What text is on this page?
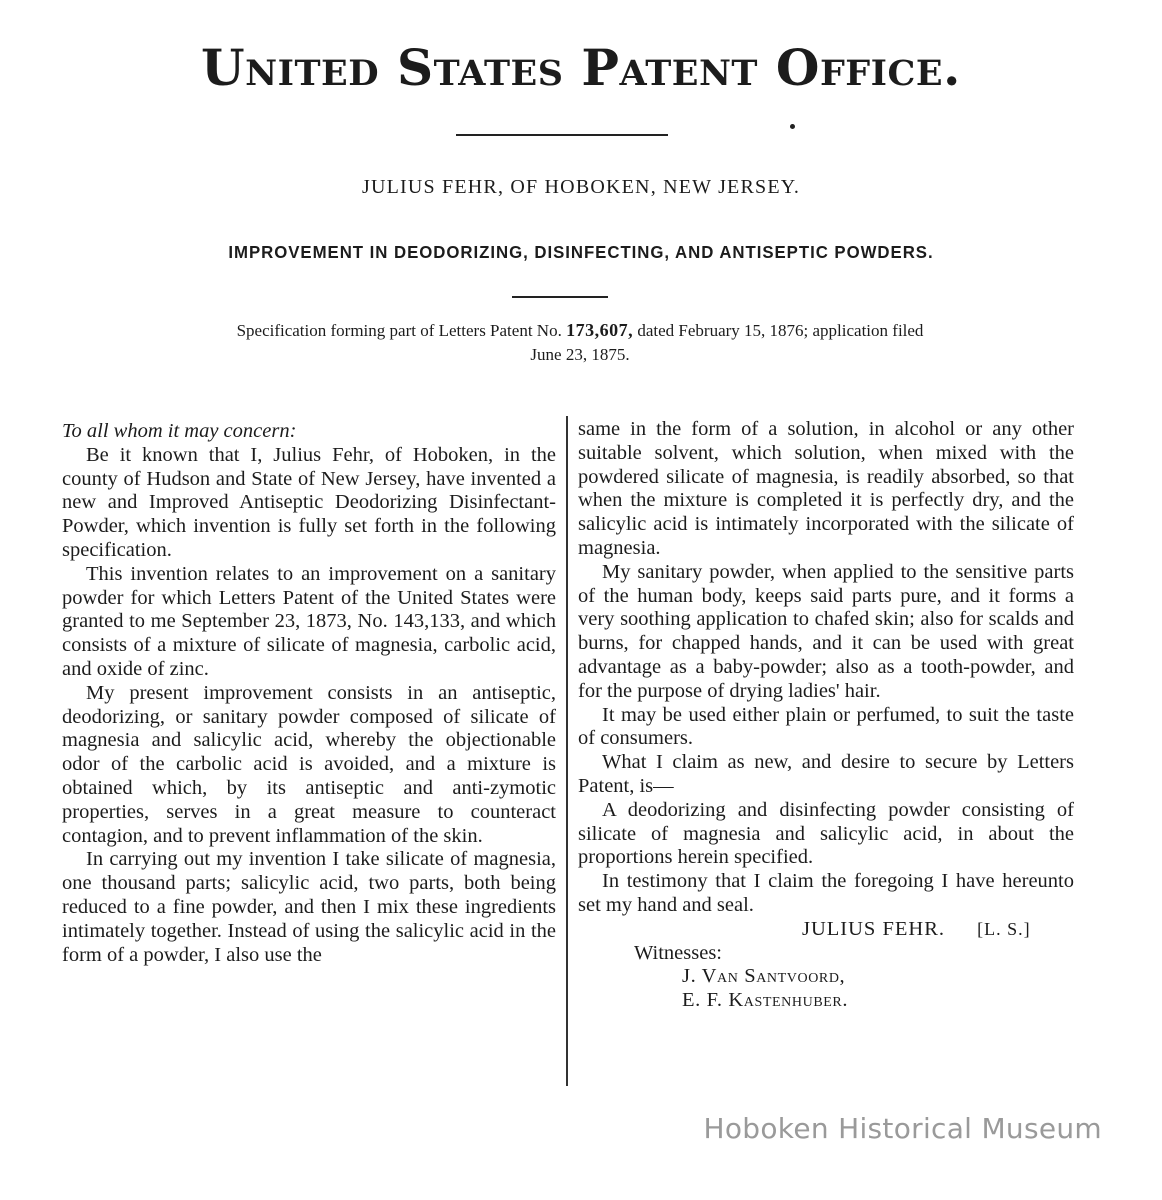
United States Patent Office.

JULIUS FEHR, OF HOBOKEN, NEW JERSEY.

IMPROVEMENT IN DEODORIZING, DISINFECTING, AND ANTISEPTIC POWDERS.

Specification forming part of Letters Patent No. 173,607, dated February 15, 1876; application filed
June 23, 1875.

To all whom it may concern:

Be it known that I, Julius Fehr, of Hoboken, in the county of Hudson and State of New Jersey, have invented a new and Improved Antiseptic Deodorizing Disinfectant-Powder, which invention is fully set forth in the following specification.

This invention relates to an improvement on a sanitary powder for which Letters Patent of the United States were granted to me September 23, 1873, No. 143,133, and which consists of a mixture of silicate of magnesia, carbolic acid, and oxide of zinc.

My present improvement consists in an antiseptic, deodorizing, or sanitary powder composed of silicate of magnesia and salicylic acid, whereby the objectionable odor of the carbolic acid is avoided, and a mixture is obtained which, by its antiseptic and anti-zymotic properties, serves in a great measure to counteract contagion, and to prevent inflammation of the skin.

In carrying out my invention I take silicate of magnesia, one thousand parts; salicylic acid, two parts, both being reduced to a fine powder, and then I mix these ingredients intimately together. Instead of using the salicylic acid in the form of a powder, I also use the

same in the form of a solution, in alcohol or any other suitable solvent, which solution, when mixed with the powdered silicate of magnesia, is readily absorbed, so that when the mixture is completed it is perfectly dry, and the salicylic acid is intimately incorporated with the silicate of magnesia.

My sanitary powder, when applied to the sensitive parts of the human body, keeps said parts pure, and it forms a very soothing application to chafed skin; also for scalds and burns, for chapped hands, and it can be used with great advantage as a baby-powder; also as a tooth-powder, and for the purpose of drying ladies' hair.

It may be used either plain or perfumed, to suit the taste of consumers.

What I claim as new, and desire to secure by Letters Patent, is—

A deodorizing and disinfecting powder consisting of silicate of magnesia and salicylic acid, in about the proportions herein specified.

In testimony that I claim the foregoing I have hereunto set my hand and seal.

JULIUS FEHR. [L. S.]

Witnesses:

J. Van Santvoord,

E. F. Kastenhuber.

Hoboken Historical Museum
